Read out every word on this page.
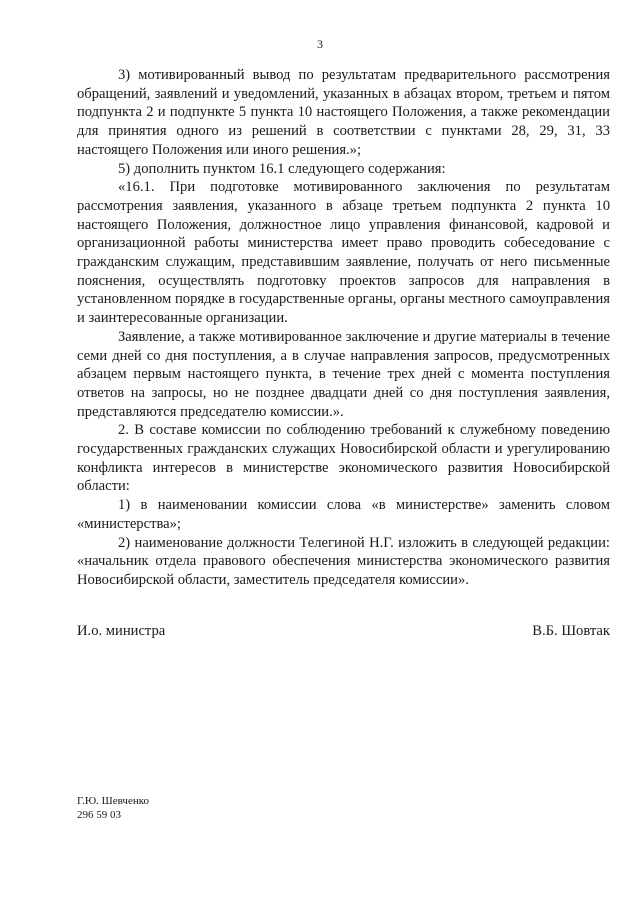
3

3) мотивированный вывод по результатам предварительного рассмотрения обращений, заявлений и уведомлений, указанных в абзацах втором, третьем и пятом подпункта 2 и подпункте 5 пункта 10 настоящего Положения, а также рекомендации для принятия одного из решений в соответствии с пунктами 28, 29, 31, 33 настоящего Положения или иного решения.»;

5) дополнить пунктом 16.1 следующего содержания:

«16.1. При подготовке мотивированного заключения по результатам рассмотрения заявления, указанного в абзаце третьем подпункта 2 пункта 10 настоящего Положения, должностное лицо управления финансовой, кадровой и организационной работы министерства имеет право проводить собеседование с гражданским служащим, представившим заявление, получать от него письменные пояснения, осуществлять подготовку проектов запросов для направления в установленном порядке в государственные органы, органы местного самоуправления и заинтересованные организации.

Заявление, а также мотивированное заключение и другие материалы в течение семи дней со дня поступления, а в случае направления запросов, предусмотренных абзацем первым настоящего пункта, в течение трех дней с момента поступления ответов на запросы, но не позднее двадцати дней со дня поступления заявления, представляются председателю комиссии.».

2. В составе комиссии по соблюдению требований к служебному поведению государственных гражданских служащих Новосибирской области и урегулированию конфликта интересов в министерстве экономического развития Новосибирской области:

1) в наименовании комиссии слова «в министерстве» заменить словом «министерства»;

2) наименование должности Телегиной Н.Г. изложить в следующей редакции: «начальник отдела правового обеспечения министерства экономического развития Новосибирской области, заместитель председателя комиссии».

И.о. министра	В.Б. Шовтак
Г.Ю. Шевченко
296 59 03
